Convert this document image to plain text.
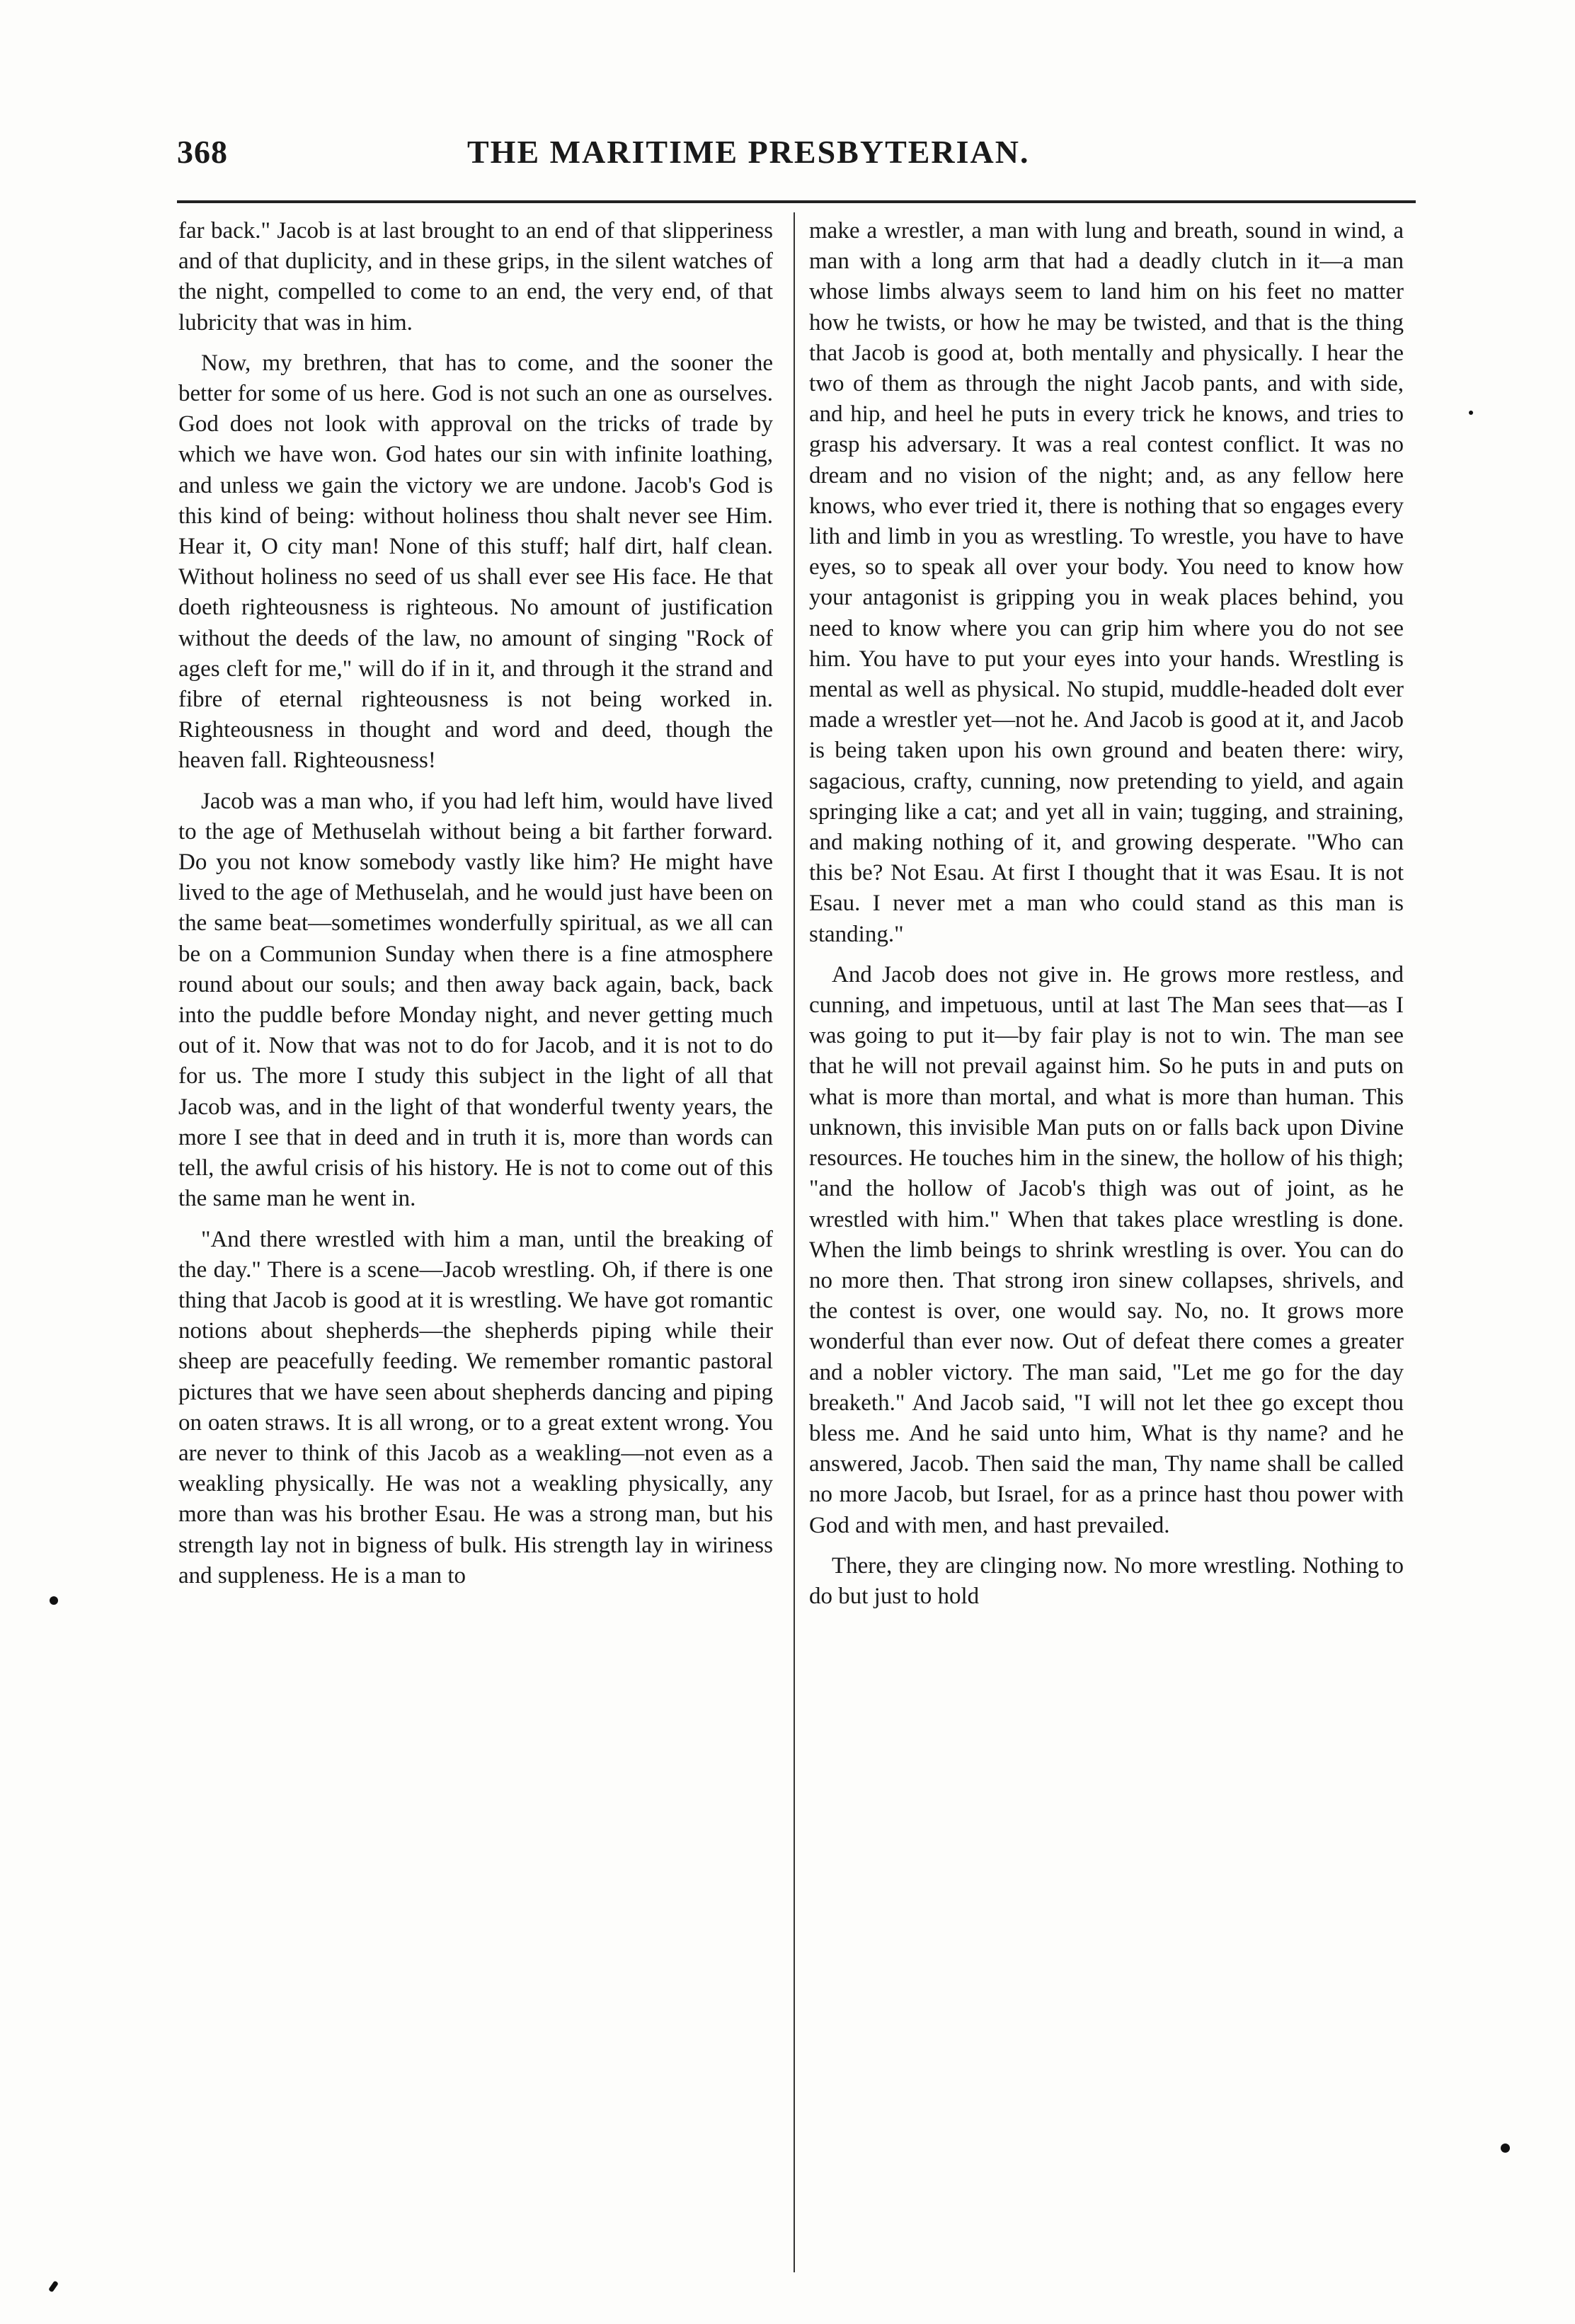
368	THE MARITIME PRESBYTERIAN.

far back." Jacob is at last brought to an end of that slipperiness and of that duplicity, and in these grips, in the silent watches of the night, compelled to come to an end, the very end, of that lubricity that was in him.

Now, my brethren, that has to come, and the sooner the better for some of us here. God is not such an one as ourselves. God does not look with approval on the tricks of trade by which we have won. God hates our sin with infinite loathing, and unless we gain the victory we are undone. Jacob's God is this kind of being: without holiness thou shalt never see Him. Hear it, O city man! None of this stuff; half dirt, half clean. Without holiness no seed of us shall ever see His face. He that doeth righteousness is righteous. No amount of justification without the deeds of the law, no amount of singing "Rock of ages cleft for me," will do if in it, and through it the strand and fibre of eternal righteousness is not being worked in. Righteousness in thought and word and deed, though the heaven fall. Righteousness!

Jacob was a man who, if you had left him, would have lived to the age of Methuselah without being a bit farther forward. Do you not know somebody vastly like him? He might have lived to the age of Methuselah, and he would just have been on the same beat—sometimes wonderfully spiritual, as we all can be on a Communion Sunday when there is a fine atmosphere round about our souls; and then away back again, back, back into the puddle before Monday night, and never getting much out of it. Now that was not to do for Jacob, and it is not to do for us. The more I study this subject in the light of all that Jacob was, and in the light of that wonderful twenty years, the more I see that in deed and in truth it is, more than words can tell, the awful crisis of his history. He is not to come out of this the same man he went in.

"And there wrestled with him a man, until the breaking of the day." There is a scene—Jacob wrestling. Oh, if there is one thing that Jacob is good at it is wrestling. We have got romantic notions about shepherds—the shepherds piping while their sheep are peacefully feeding. We remember romantic pastoral pictures that we have seen about shepherds dancing and piping on oaten straws. It is all wrong, or to a great extent wrong. You are never to think of this Jacob as a weakling—not even as a weakling physically. He was not a weakling physically, any more than was his brother Esau. He was a strong man, but his strength lay not in bigness of bulk. His strength lay in wiriness and suppleness. He is a man to

make a wrestler, a man with lung and breath, sound in wind, a man with a long arm that had a deadly clutch in it—a man whose limbs always seem to land him on his feet no matter how he twists, or how he may be twisted, and that is the thing that Jacob is good at, both mentally and physically. I hear the two of them as through the night Jacob pants, and with side, and hip, and heel he puts in every trick he knows, and tries to grasp his adversary. It was a real contest conflict. It was no dream and no vision of the night; and, as any fellow here knows, who ever tried it, there is nothing that so engages every lith and limb in you as wrestling. To wrestle, you have to have eyes, so to speak all over your body. You need to know how your antagonist is gripping you in weak places behind, you need to know where you can grip him where you do not see him. You have to put your eyes into your hands. Wrestling is mental as well as physical. No stupid, muddle-headed dolt ever made a wrestler yet—not he. And Jacob is good at it, and Jacob is being taken upon his own ground and beaten there: wiry, sagacious, crafty, cunning, now pretending to yield, and again springing like a cat; and yet all in vain; tugging, and straining, and making nothing of it, and growing desperate. "Who can this be? Not Esau. At first I thought that it was Esau. It is not Esau. I never met a man who could stand as this man is standing."

And Jacob does not give in. He grows more restless, and cunning, and impetuous, until at last The Man sees that—as I was going to put it—by fair play is not to win. The man see that he will not prevail against him. So he puts in and puts on what is more than mortal, and what is more than human. This unknown, this invisible Man puts on or falls back upon Divine resources. He touches him in the sinew, the hollow of his thigh; "and the hollow of Jacob's thigh was out of joint, as he wrestled with him." When that takes place wrestling is done. When the limb beings to shrink wrestling is over. You can do no more then. That strong iron sinew collapses, shrivels, and the contest is over, one would say. No, no. It grows more wonderful than ever now. Out of defeat there comes a greater and a nobler victory. The man said, "Let me go for the day breaketh." And Jacob said, "I will not let thee go except thou bless me. And he said unto him, What is thy name? and he answered, Jacob. Then said the man, Thy name shall be called no more Jacob, but Israel, for as a prince hast thou power with God and with men, and hast prevailed.

There, they are clinging now. No more wrestling. Nothing to do but just to hold
